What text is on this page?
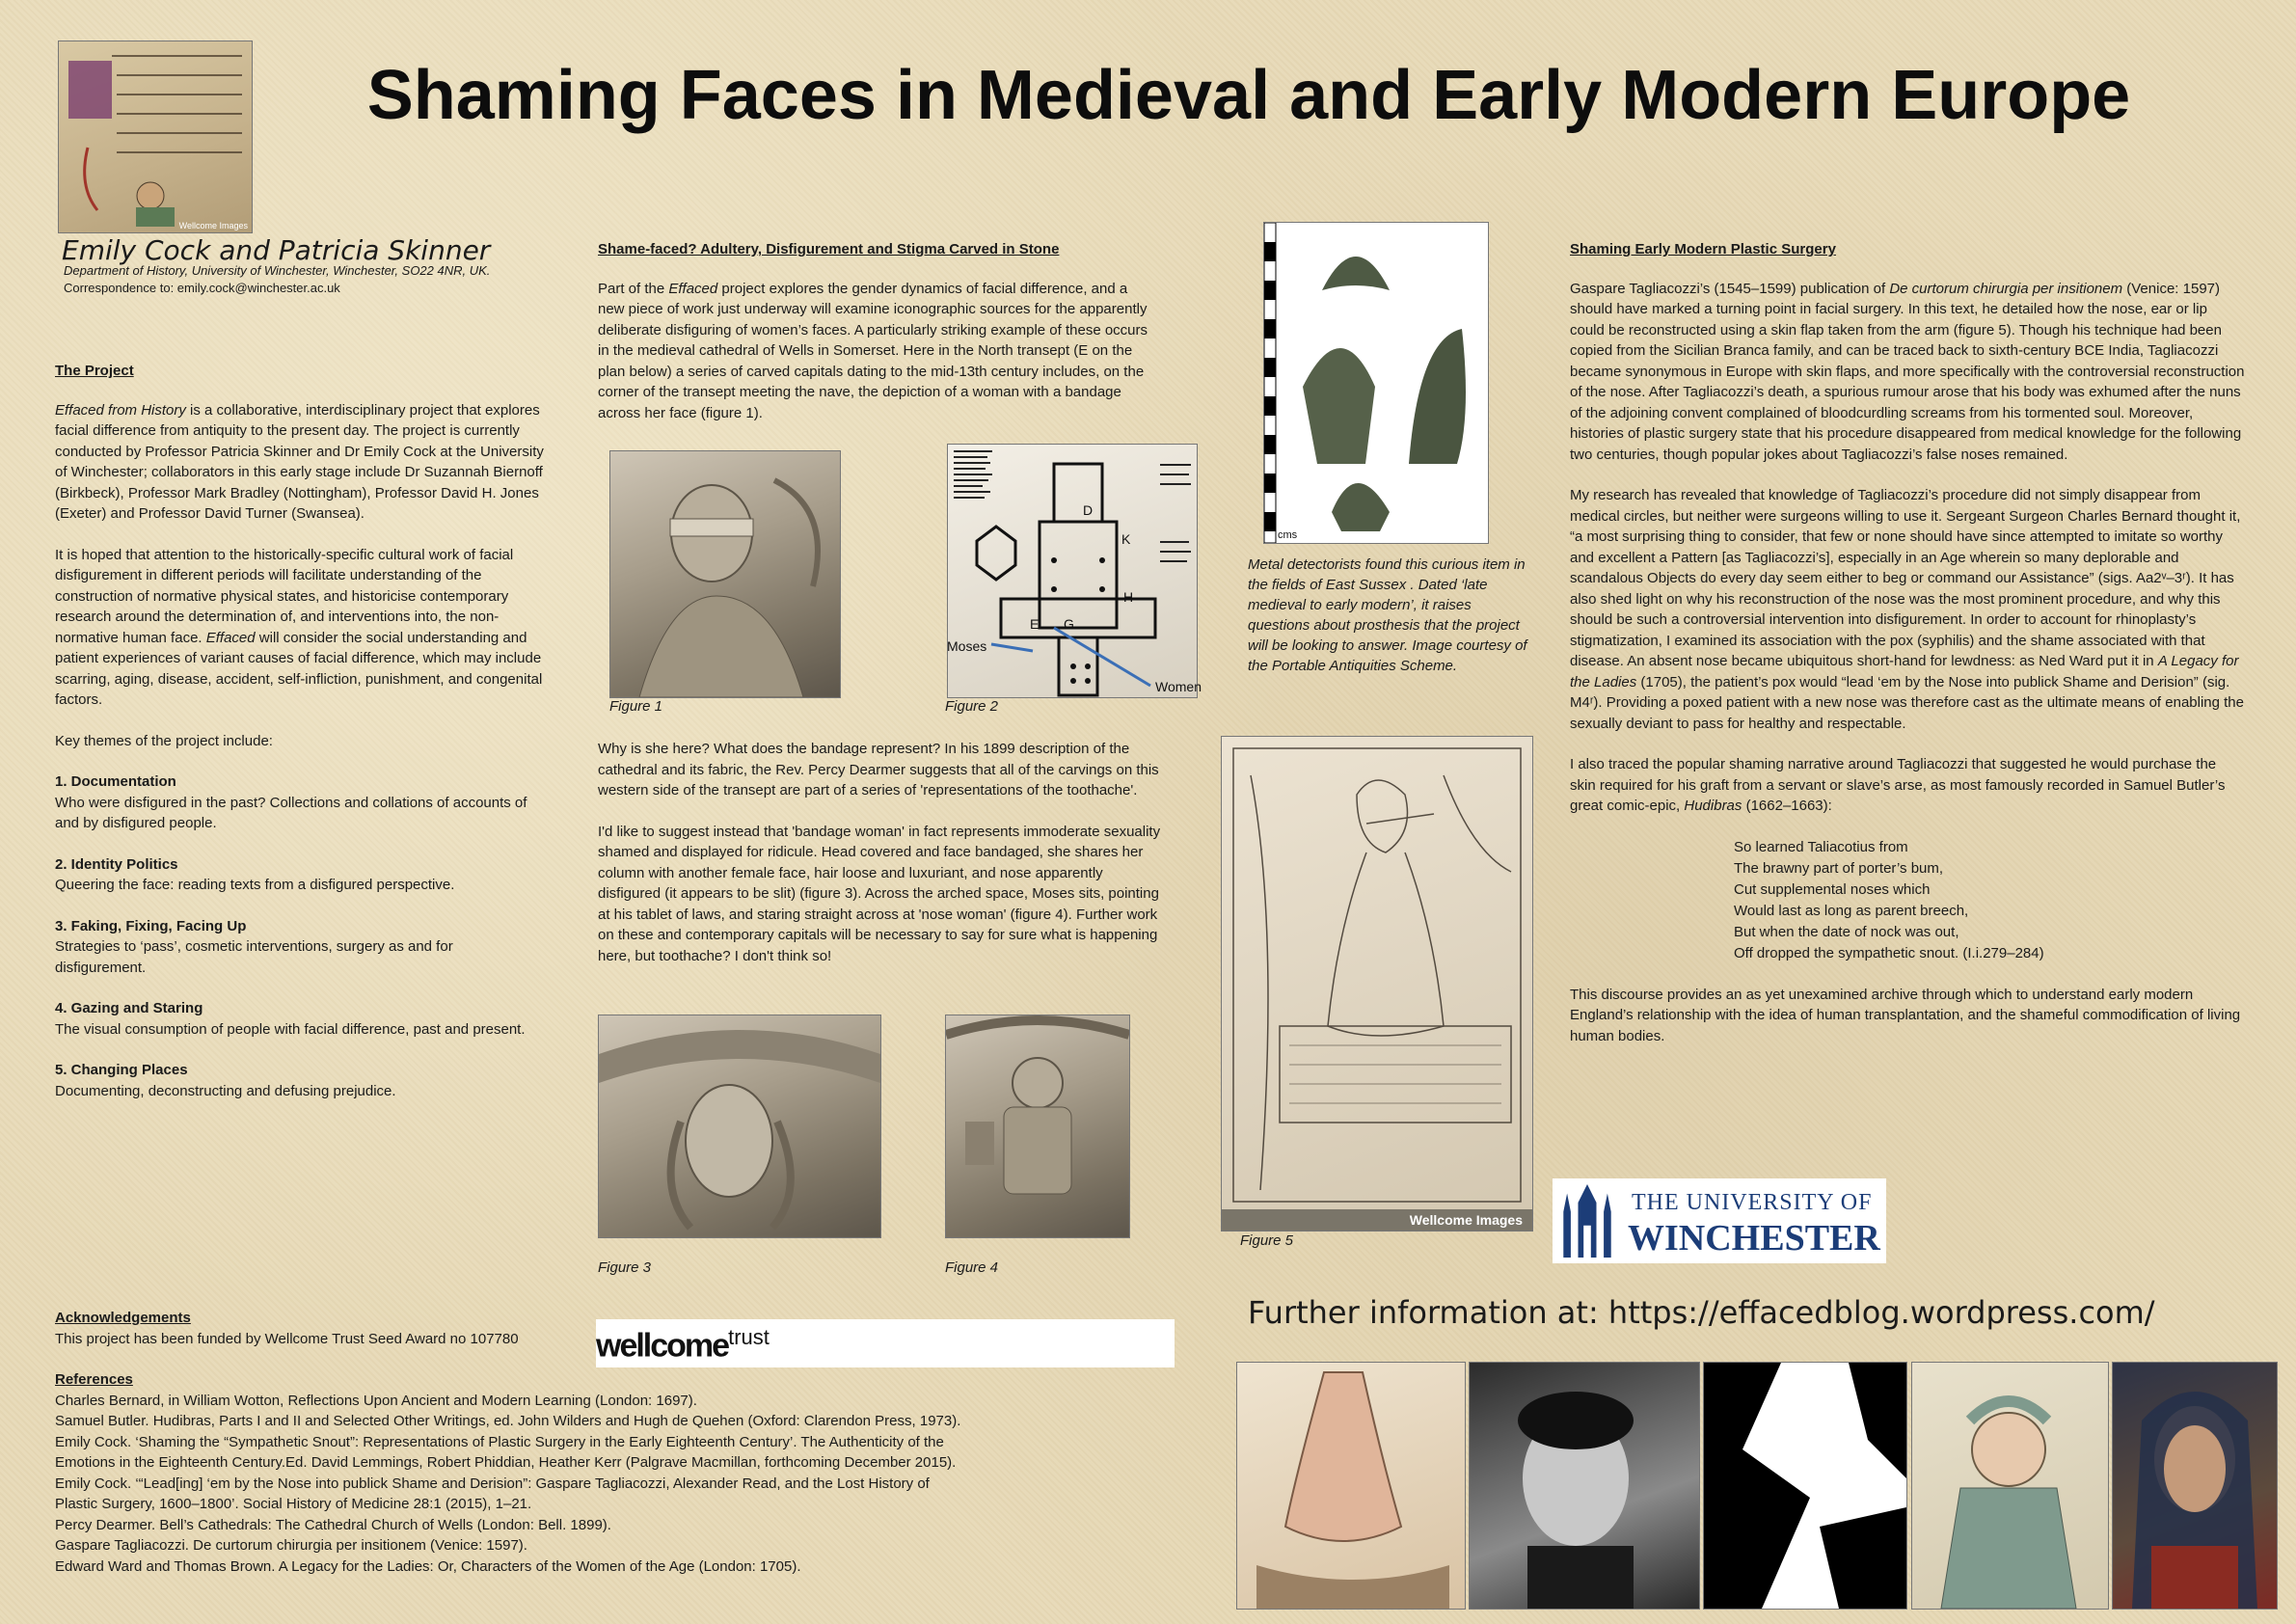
Shaming Faces in Medieval and Early Modern Europe
Wellcome Images
Emily Cock and Patricia Skinner
Department of History, University of Winchester, Winchester, SO22 4NR, UK.
Correspondence to: emily.cock@winchester.ac.uk

The Project

Effaced from History is a collaborative, interdisciplinary project that explores facial difference from antiquity to the present day. The project is currently conducted by Professor Patricia Skinner and Dr Emily Cock at the University of Winchester; collaborators in this early stage include Dr Suzannah Biernoff (Birkbeck), Professor Mark Bradley (Nottingham), Professor David H. Jones (Exeter) and Professor David Turner (Swansea).

It is hoped that attention to the historically-specific cultural work of facial disfigurement in different periods will facilitate understanding of the construction of normative physical states, and historicise contemporary research around the determination of, and interventions into, the non-normative human face. Effaced will consider the social understanding and patient experiences of variant causes of facial difference, which may include scarring, aging, disease, accident, self-infliction, punishment, and congenital factors.

Key themes of the project include:

1. Documentation
Who were disfigured in the past? Collections and collations of accounts of and by disfigured people.
2. Identity Politics
Queering the face: reading texts from a disfigured perspective.
3. Faking, Fixing, Facing Up
Strategies to ‘pass’, cosmetic interventions, surgery as and for disfigurement.
4. Gazing and Staring
The visual consumption of people with facial difference, past and present.
5. Changing Places
Documenting, deconstructing and defusing prejudice.
Acknowledgements
This project has been funded by Wellcome Trust Seed Award no 107780	wellcome$^{trust}$
References
Charles Bernard, in William Wotton, Reflections Upon Ancient and Modern Learning (London: 1697).
Samuel Butler. Hudibras, Parts I and II and Selected Other Writings, ed. John Wilders and Hugh de Quehen (Oxford: Clarendon Press, 1973).
Emily Cock. ‘Shaming the “Sympathetic Snout”: Representations of Plastic Surgery in the Early Eighteenth Century’. The Authenticity of the
Emotions in the Eighteenth Century.Ed. David Lemmings, Robert Phiddian, Heather Kerr (Palgrave Macmillan, forthcoming December 2015).
Emily Cock. ‘“Lead[ing] ‘em by the Nose into publick Shame and Derision”: Gaspare Tagliacozzi, Alexander Read, and the Lost History of
Plastic Surgery, 1600–1800’. Social History of Medicine 28:1 (2015), 1–21.
Percy Dearmer. Bell’s Cathedrals: The Cathedral Church of Wells (London: Bell. 1899).
Gaspare Tagliacozzi. De curtorum chirurgia per insitionem (Venice: 1597).
Edward Ward and Thomas Brown. A Legacy for the Ladies: Or, Characters of the Women of the Age (London: 1705).

Shame-faced? Adultery, Disfigurement and Stigma Carved in Stone

Part of the Effaced project explores the gender dynamics of facial difference, and a new piece of work just underway will examine iconographic sources for the apparently deliberate disfiguring of women’s faces. A particularly striking example of these occurs in the medieval cathedral of Wells in Somerset. Here in the North transept (E on the plan below) a series of carved capitals dating to the mid-13th century includes, on the corner of the transept meeting the nave, the depiction of a woman with a bandage across her face (figure 1).

Figure 1
E G
D
K
H
Moses
Women
Figure 2

Why is she here? What does the bandage represent? In his 1899 description of the cathedral and its fabric, the Rev. Percy Dearmer suggests that all of the carvings on this western side of the transept are part of a series of 'representations of the toothache'.

I'd like to suggest instead that 'bandage woman' in fact represents immoderate sexuality shamed and displayed for ridicule. Head covered and face bandaged, she shares her column with another female face, hair loose and luxuriant, and nose apparently disfigured (it appears to be slit) (figure 3). Across the arched space, Moses sits, pointing at his tablet of laws, and staring straight across at 'nose woman' (figure 4). Further work on these and contemporary capitals will be necessary to say for sure what is happening here, but toothache? I don't think so!

Figure 3	Figure 4
cms
Metal detectorists found this curious item in the fields of East Sussex . Dated ‘late medieval to early modern’, it raises questions about prosthesis that the project will be looking to answer. Image courtesy of the Portable Antiquities Scheme.
Wellcome Images
Figure 5

Shaming Early Modern Plastic Surgery

Gaspare Tagliacozzi’s (1545–1599) publication of De curtorum chirurgia per insitionem (Venice: 1597) should have marked a turning point in facial surgery. In this text, he detailed how the nose, ear or lip could be reconstructed using a skin flap taken from the arm (figure 5). Though his technique had been copied from the Sicilian Branca family, and can be traced back to sixth-century BCE India, Tagliacozzi became synonymous in Europe with skin flaps, and more specifically with the controversial reconstruction of the nose. After Tagliacozzi’s death, a spurious rumour arose that his body was exhumed after the nuns of the adjoining convent complained of bloodcurdling screams from his tormented soul. Moreover, histories of plastic surgery state that his procedure disappeared from medical knowledge for the following two centuries, though popular jokes about Tagliacozzi’s false noses remained.

My research has revealed that knowledge of Tagliacozzi’s procedure did not simply disappear from medical circles, but neither were surgeons willing to use it. Sergeant Surgeon Charles Bernard thought it, “a most surprising thing to consider, that few or none should have since attempted to imitate so worthy and excellent a Pattern [as Tagliacozzi’s], especially in an Age wherein so many deplorable and scandalous Objects do every day seem either to beg or command our Assistance” (sigs. Aa2ᵛ–3ʳ). It has also shed light on why his reconstruction of the nose was the most prominent procedure, and why this should be such a controversial intervention into disfigurement. In order to account for rhinoplasty’s stigmatization, I examined its association with the pox (syphilis) and the shame associated with that disease. An absent nose became ubiquitous short-hand for lewdness: as Ned Ward put it in A Legacy for the Ladies (1705), the patient’s pox would “lead ‘em by the Nose into publick Shame and Derision” (sig. M4ʳ). Providing a poxed patient with a new nose was therefore cast as the ultimate means of enabling the sexually deviant to pass for healthy and respectable.

I also traced the popular shaming narrative around Tagliacozzi that suggested he would purchase the skin required for his graft from a servant or slave’s arse, as most famously recorded in Samuel Butler’s great comic-epic, Hudibras (1662–1663):

So learned Taliacotius from
The brawny part of porter’s bum,
Cut supplemental noses which
Would last as long as parent breech,
But when the date of nock was out,
Off dropped the sympathetic snout. (I.i.279–284)

This discourse provides an as yet unexamined archive through which to understand early modern England’s relationship with the idea of human transplantation, and the shameful commodification of living human bodies.

THE UNIVERSITY OF
WINCHESTER
Further information at: https://effacedblog.wordpress.com/
